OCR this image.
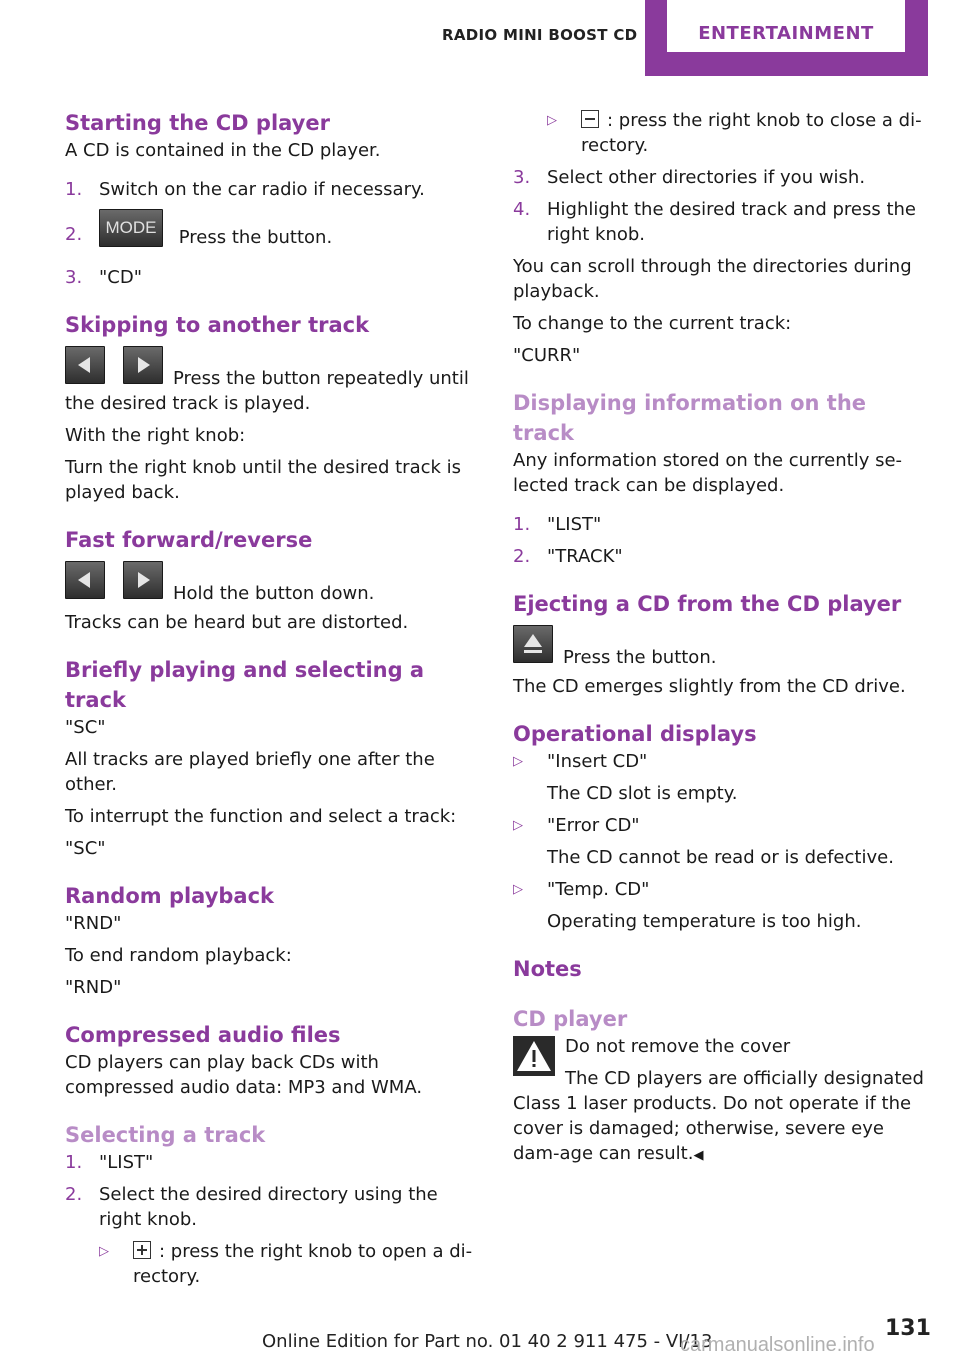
RADIO MINI BOOST CD	ENTERTAINMENT
Starting the CD player

A CD is contained in the CD player.

1. Switch on the car radio if necessary.
2. MODE Press the button.
3. "CD"
Skipping to another track
Press the button repeatedly until

the desired track is played.

With the right knob:

Turn the right knob until the desired track is played back.

Fast forward/reverse
Hold the button down.

Tracks can be heard but are distorted.

Briefly playing and selecting a track

"SC"

All tracks are played briefly one after the other.

To interrupt the function and select a track:

"SC"

Random playback

"RND"

To end random playback:

"RND"

Compressed audio files

CD players can play back CDs with compressed audio data: MP3 and WMA.

Selecting a track
1. "LIST"
2. Select the desired directory using the right knob.
▷	: press the right knob to open a di-rectory.
▷	: press the right knob to close a di-rectory.
3. Select other directories if you wish.
4. Highlight the desired track and press the right knob.

You can scroll through the directories during playback.

To change to the current track:

"CURR"

Displaying information on the track

Any information stored on the currently se-lected track can be displayed.

1. "LIST"
2. "TRACK"
Ejecting a CD from the CD player
Press the button.

The CD emerges slightly from the CD drive.

Operational displays
▷ "Insert CD"

The CD slot is empty.

▷ "Error CD"

The CD cannot be read or is defective.

▷ "Temp. CD"

Operating temperature is too high.

Notes
CD player

Do not remove the cover

The CD players are officially designated Class 1 laser products. Do not operate if the cover is damaged; otherwise, severe eye dam-age can result.◀

131
Online Edition for Part no. 01 40 2 911 475 - VI/13
carmanualsonline.info
